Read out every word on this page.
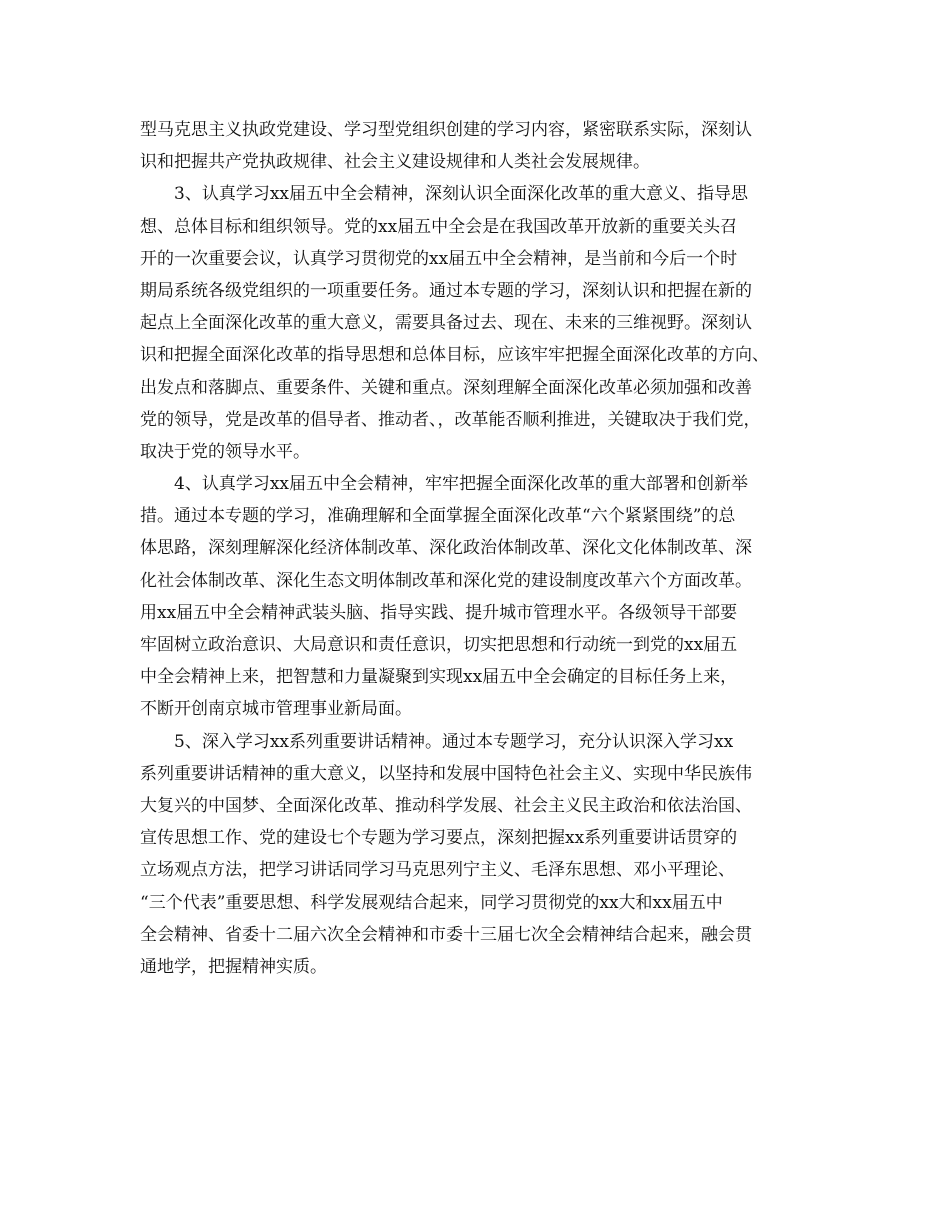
型马克思主义执政党建设、学习型党组织创建的学习内容，紧密联系实际，深刻认
识和把握共产党执政规律、社会主义建设规律和人类社会发展规律。
3、认真学习xx届五中全会精神，深刻认识全面深化改革的重大意义、指导思
想、总体目标和组织领导。党的xx届五中全会是在我国改革开放新的重要关头召
开的一次重要会议，认真学习贯彻党的xx届五中全会精神，是当前和今后一个时
期局系统各级党组织的一项重要任务。通过本专题的学习，深刻认识和把握在新的
起点上全面深化改革的重大意义，需要具备过去、现在、未来的三维视野。深刻认
识和把握全面深化改革的指导思想和总体目标，应该牢牢把握全面深化改革的方向、
出发点和落脚点、重要条件、关键和重点。深刻理解全面深化改革必须加强和改善
党的领导，党是改革的倡导者、推动者、，改革能否顺利推进，关键取决于我们党，
取决于党的领导水平。
4、认真学习xx届五中全会精神，牢牢把握全面深化改革的重大部署和创新举
措。通过本专题的学习，准确理解和全面掌握全面深化改革“六个紧紧围绕”的总
体思路，深刻理解深化经济体制改革、深化政治体制改革、深化文化体制改革、深
化社会体制改革、深化生态文明体制改革和深化党的建设制度改革六个方面改革。
用xx届五中全会精神武装头脑、指导实践、提升城市管理水平。各级领导干部要
牢固树立政治意识、大局意识和责任意识，切实把思想和行动统一到党的xx届五
中全会精神上来，把智慧和力量凝聚到实现xx届五中全会确定的目标任务上来，
不断开创南京城市管理事业新局面。
5、深入学习xx系列重要讲话精神。通过本专题学习，充分认识深入学习xx
系列重要讲话精神的重大意义，以坚持和发展中国特色社会主义、实现中华民族伟
大复兴的中国梦、全面深化改革、推动科学发展、社会主义民主政治和依法治国、
宣传思想工作、党的建设七个专题为学习要点，深刻把握xx系列重要讲话贯穿的
立场观点方法，把学习讲话同学习马克思列宁主义、毛泽东思想、邓小平理论、
“三个代表”重要思想、科学发展观结合起来，同学习贯彻党的xx大和xx届五中
全会精神、省委十二届六次全会精神和市委十三届七次全会精神结合起来，融会贯
通地学，把握精神实质。
